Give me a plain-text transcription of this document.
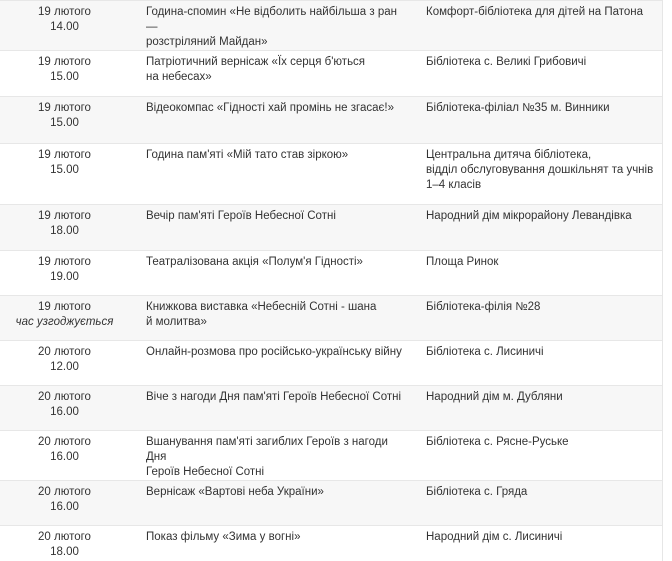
19 лютого
14.00	Година-спомин «Не відболить найбільша з ран —
розстріляний Майдан»	Комфорт-бібліотека для дітей на Патона

19 лютого
15.00	Патріотичний вернісаж «Їх серця б'ються
на небесах»	Бібліотека с. Великі Грибовичі

19 лютого
15.00	Відеокомпас «Гідності хай промінь не згасає!»	Бібліотека-філіал №35 м. Винники

19 лютого
15.00	Година пам'яті «Мій тато став зіркою»	Центральна дитяча бібліотека,
відділ обслуговування дошкільнят та учнів
1–4 класів

19 лютого
18.00	Вечір пам'яті Героїв Небесної Сотні	Народний дім мікрорайону Левандівка

19 лютого
19.00	Театралізована акція «Полум'я Гідності»	Площа Ринок

19 лютого
час узгоджується	Книжкова виставка «Небесній Сотні - шана
й молитва»	Бібліотека-філія №28

20 лютого
12.00	Онлайн-розмова про російсько-українську війну	Бібліотека с. Лисиничі

20 лютого
16.00	Віче з нагоди Дня пам'яті Героїв Небесної Сотні	Народний дім м. Дубляни

20 лютого
16.00	Вшанування пам'яті загиблих Героїв з нагоди Дня
Героїв Небесної Сотні	Бібліотека с. Рясне-Руське

20 лютого
16.00	Вернісаж «Вартові неба України»	Бібліотека с. Гряда

20 лютого
18.00	Показ фільму «Зима у вогні»	Народний дім с. Лисиничі
